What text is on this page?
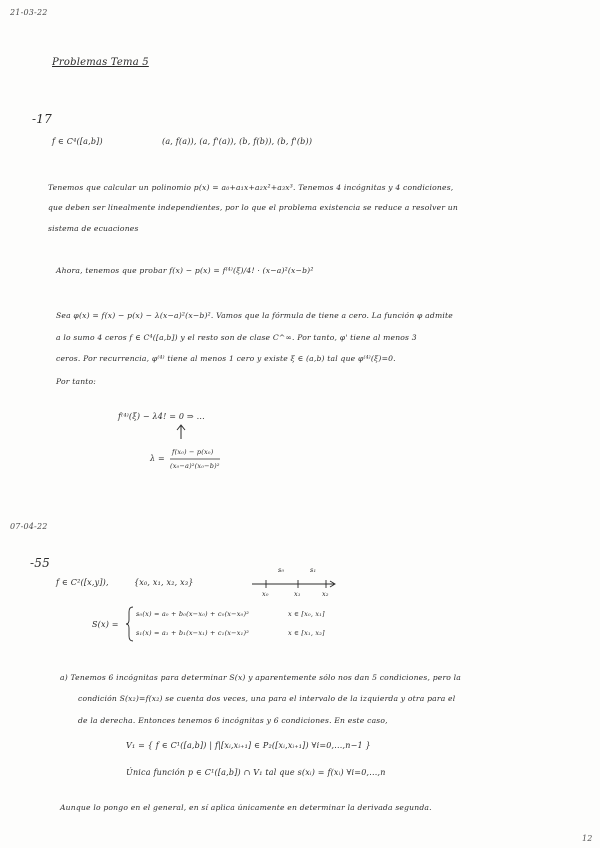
21-03-22
Problemas Tema 5
-17
f ∈ C⁴([a,b])	(a, f(a)), (a, f'(a)), (b, f(b)), (b, f'(b))
Tenemos que calcular un polinomio p(x) = a₀+a₁x+a₂x²+a₃x³. Tenemos 4 incógnitas y 4 condiciones,
que deben ser linealmente independientes, por lo que el problema existencia se reduce a resolver un
sistema de ecuaciones
Ahora, tenemos que probar f(x) − p(x) = f⁽⁴⁾(ξ)/4! · (x−a)²(x−b)²
Sea φ(x) = f(x) − p(x) − λ(x−a)²(x−b)². Vamos que la fórmula de tiene a cero. La función φ admite
a lo sumo 4 ceros f ∈ C⁴([a,b]) y el resto son de clase C^∞. Por tanto, φ' tiene al menos 3
ceros. Por recurrencia, φ⁽⁴⁾ tiene al menos 1 cero y existe ξ ∈ (a,b) tal que φ⁽⁴⁾(ξ)=0.
Por tanto:
f⁽⁴⁾(ξ) − λ4! = 0 ⇒ ...
λ =
f(x₀) − p(x₀)
(x₀−a)²(x₀−b)²
07-04-22
-55
f ∈ C²([x,y]),	{x₀, x₁, x₂, x₃}
s₀	s₁
x₀	x₁	x₂
S(x) =
s₀(x) = a₀ + b₀(x−x₀) + c₀(x−x₀)²	x ∈ [x₀, x₁]
s₁(x) = a₁ + b₁(x−x₁) + c₁(x−x₁)²	x ∈ [x₁, x₂]
a) Tenemos 6 incógnitas para determinar S(x) y aparentemente sólo nos dan 5 condiciones, pero la
condición S(x₂)=f(x₂) se cuenta dos veces, una para el intervalo de la izquierda y otra para el
de la derecha. Entonces tenemos 6 incógnitas y 6 condiciones. En este caso,
V₁ = { f ∈ C¹([a,b]) | f|[xᵢ,xᵢ₊₁] ∈ P₂([xᵢ,xᵢ₊₁]) ∀i=0,...,n−1 }
Única función p ∈ C¹([a,b]) ∩ V₁ tal que s(xᵢ) = f(xᵢ) ∀i=0,...,n
Aunque lo pongo en el general, en sí aplica únicamente en determinar la derivada segunda.
12
